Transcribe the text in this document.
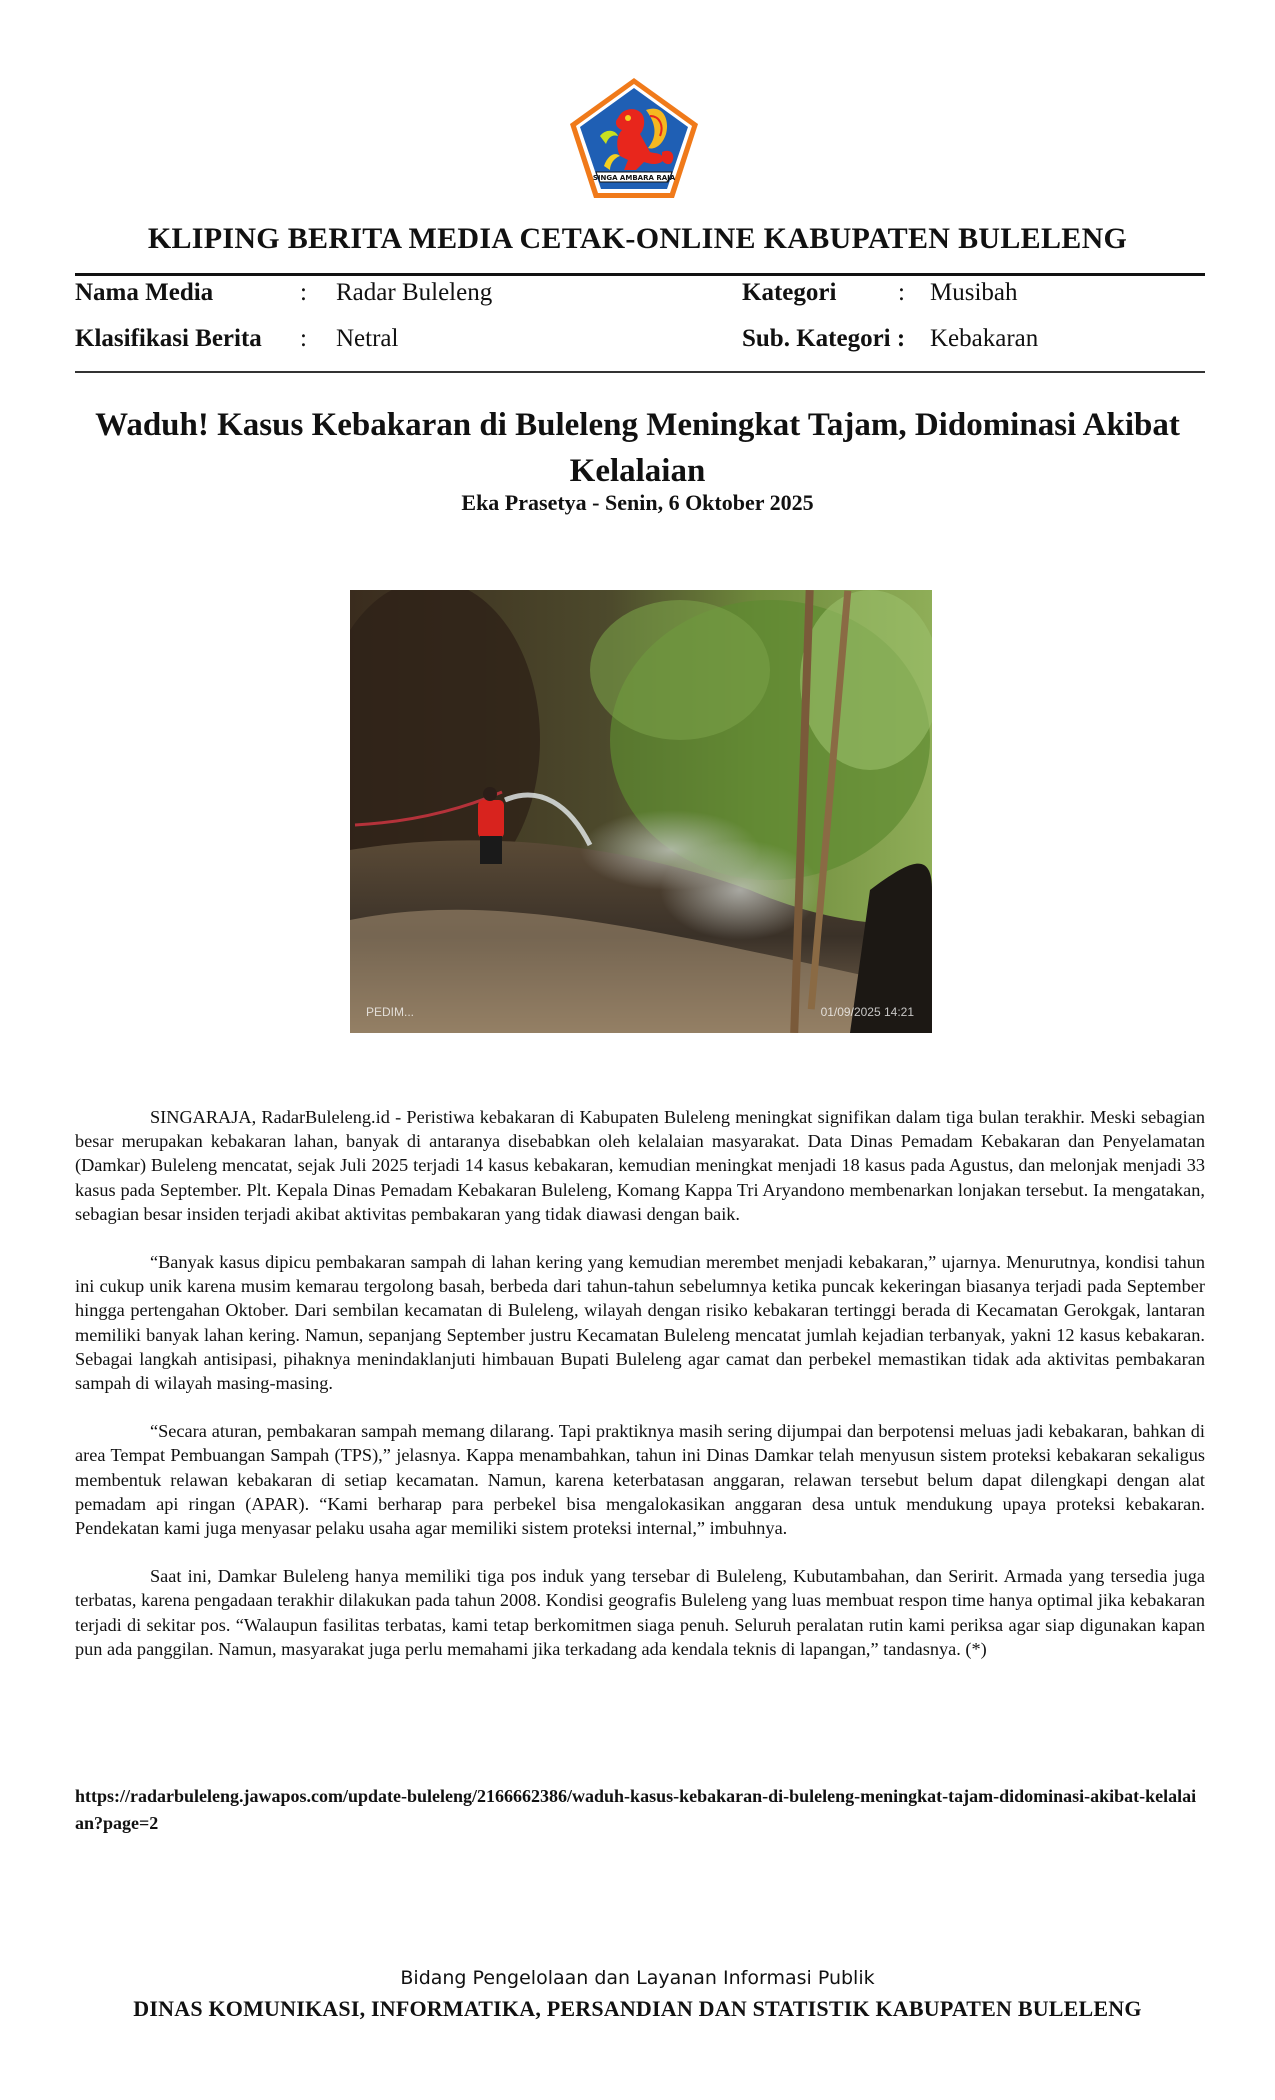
SINGA AMBARA RAJA
KLIPING BERITA MEDIA CETAK-ONLINE KABUPATEN BULELENG
Nama Media	: Radar Buleleng
Klasifikasi Berita : Netral
Kategori : Musibah
Sub. Kategori : Kebakaran
Waduh! Kasus Kebakaran di Buleleng Meningkat Tajam, Didominasi Akibat Kelalaian
Eka Prasetya - Senin, 6 Oktober 2025
PEDIM...	01/09/2025 14:21

SINGARAJA, RadarBuleleng.id - Peristiwa kebakaran di Kabupaten Buleleng meningkat signifikan dalam tiga bulan terakhir. Meski sebagian besar merupakan kebakaran lahan, banyak di antaranya disebabkan oleh kelalaian masyarakat. Data Dinas Pemadam Kebakaran dan Penyelamatan (Damkar) Buleleng mencatat, sejak Juli 2025 terjadi 14 kasus kebakaran, kemudian meningkat menjadi 18 kasus pada Agustus, dan melonjak menjadi 33 kasus pada September. Plt. Kepala Dinas Pemadam Kebakaran Buleleng, Komang Kappa Tri Aryandono membenarkan lonjakan tersebut. Ia mengatakan, sebagian besar insiden terjadi akibat aktivitas pembakaran yang tidak diawasi dengan baik.

“Banyak kasus dipicu pembakaran sampah di lahan kering yang kemudian merembet menjadi kebakaran,” ujarnya. Menurutnya, kondisi tahun ini cukup unik karena musim kemarau tergolong basah, berbeda dari tahun-tahun sebelumnya ketika puncak kekeringan biasanya terjadi pada September hingga pertengahan Oktober. Dari sembilan kecamatan di Buleleng, wilayah dengan risiko kebakaran tertinggi berada di Kecamatan Gerokgak, lantaran memiliki banyak lahan kering. Namun, sepanjang September justru Kecamatan Buleleng mencatat jumlah kejadian terbanyak, yakni 12 kasus kebakaran. Sebagai langkah antisipasi, pihaknya menindaklanjuti himbauan Bupati Buleleng agar camat dan perbekel memastikan tidak ada aktivitas pembakaran sampah di wilayah masing-masing.

“Secara aturan, pembakaran sampah memang dilarang. Tapi praktiknya masih sering dijumpai dan berpotensi meluas jadi kebakaran, bahkan di area Tempat Pembuangan Sampah (TPS),” jelasnya. Kappa menambahkan, tahun ini Dinas Damkar telah menyusun sistem proteksi kebakaran sekaligus membentuk relawan kebakaran di setiap kecamatan. Namun, karena keterbatasan anggaran, relawan tersebut belum dapat dilengkapi dengan alat pemadam api ringan (APAR). “Kami berharap para perbekel bisa mengalokasikan anggaran desa untuk mendukung upaya proteksi kebakaran. Pendekatan kami juga menyasar pelaku usaha agar memiliki sistem proteksi internal,” imbuhnya.

Saat ini, Damkar Buleleng hanya memiliki tiga pos induk yang tersebar di Buleleng, Kubutambahan, dan Seririt. Armada yang tersedia juga terbatas, karena pengadaan terakhir dilakukan pada tahun 2008. Kondisi geografis Buleleng yang luas membuat respon time hanya optimal jika kebakaran terjadi di sekitar pos. “Walaupun fasilitas terbatas, kami tetap berkomitmen siaga penuh. Seluruh peralatan rutin kami periksa agar siap digunakan kapan pun ada panggilan. Namun, masyarakat juga perlu memahami jika terkadang ada kendala teknis di lapangan,” tandasnya. (*)

https://radarbuleleng.jawapos.com/update-buleleng/2166662386/waduh-kasus-kebakaran-di-buleleng-meningkat-tajam-didominasi-akibat-kelalaian?page=2
Bidang Pengelolaan dan Layanan Informasi Publik
DINAS KOMUNIKASI, INFORMATIKA, PERSANDIAN DAN STATISTIK KABUPATEN BULELENG
